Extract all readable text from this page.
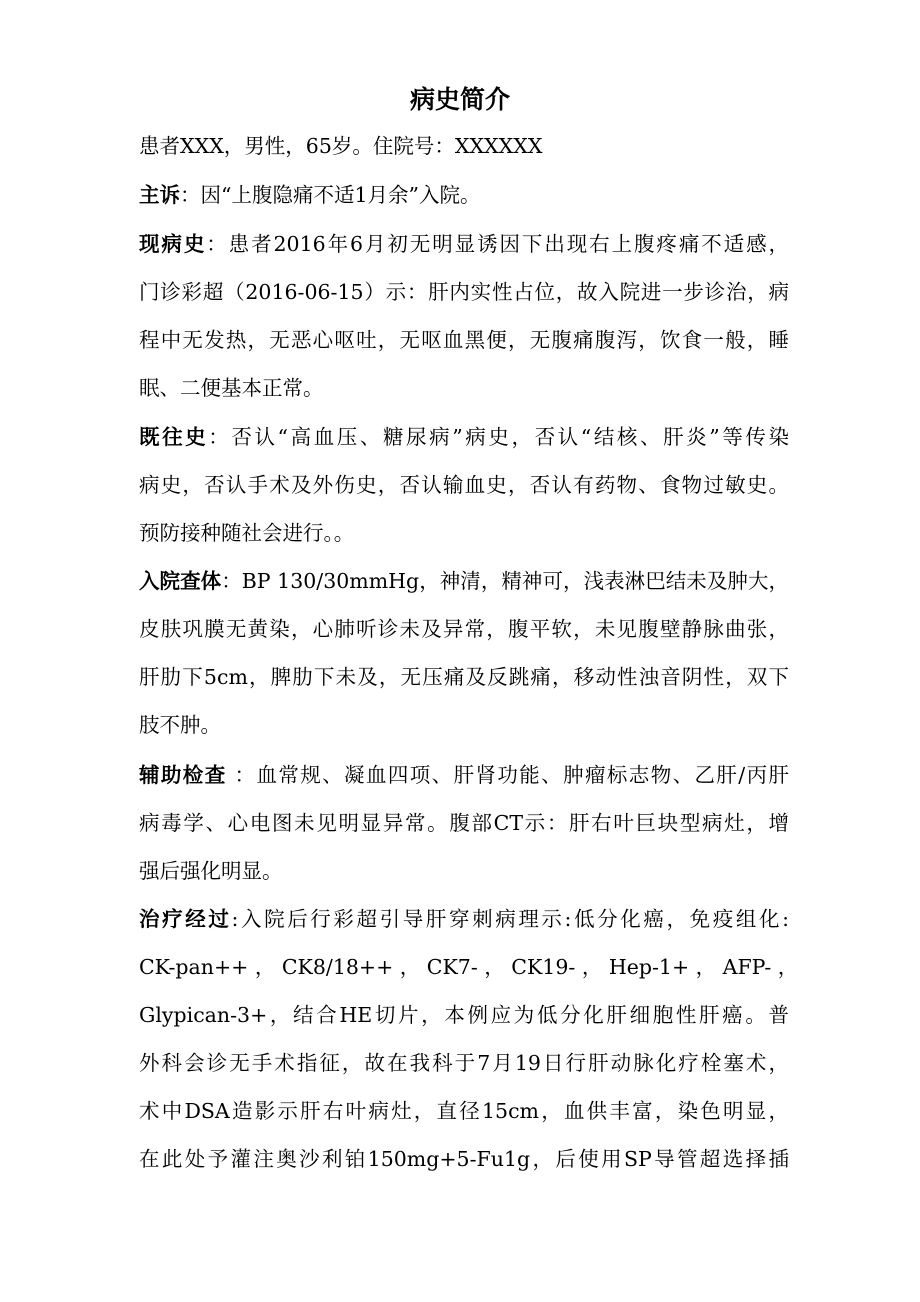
病史简介
患者XXX，男性，65岁。住院号：XXXXXX
主诉：因“上腹隐痛不适1月余”入院。
现病史：患者2016年6月初无明显诱因下出现右上腹疼痛不适感，
门诊彩超（2016-06-15）示：肝内实性占位，故入院进一步诊治，病
程中无发热，无恶心呕吐，无呕血黑便，无腹痛腹泻，饮食一般，睡
眠、二便基本正常。
既往史：否认“高血压、糖尿病”病史，否认“结核、肝炎”等传染
病史，否认手术及外伤史，否认输血史，否认有药物、食物过敏史。
预防接种随社会进行。。
入院查体：BP 130/30mmHg，神清，精神可，浅表淋巴结未及肿大，
皮肤巩膜无黄染，心肺听诊未及异常，腹平软，未见腹壁静脉曲张，
肝肋下5cm，脾肋下未及，无压痛及反跳痛，移动性浊音阴性，双下
肢不肿。
辅助检查 ：血常规、凝血四项、肝肾功能、肿瘤标志物、乙肝/丙肝
病毒学、心电图未见明显异常。腹部CT示：肝右叶巨块型病灶，增
强后强化明显。
治疗经过:入院后行彩超引导肝穿刺病理示:低分化癌，免疫组化:
CK-pan++ ， CK8/18++ ， CK7- ， CK19- ， Hep-1+ ， AFP- ，
Glypican-3+，结合HE切片，本例应为低分化肝细胞性肝癌。普
外科会诊无手术指征，故在我科于7月19日行肝动脉化疗栓塞术，
术中DSA造影示肝右叶病灶，直径15cm，血供丰富，染色明显，
在此处予灌注奥沙利铂150mg+5-Fu1g，后使用SP导管超选择插
